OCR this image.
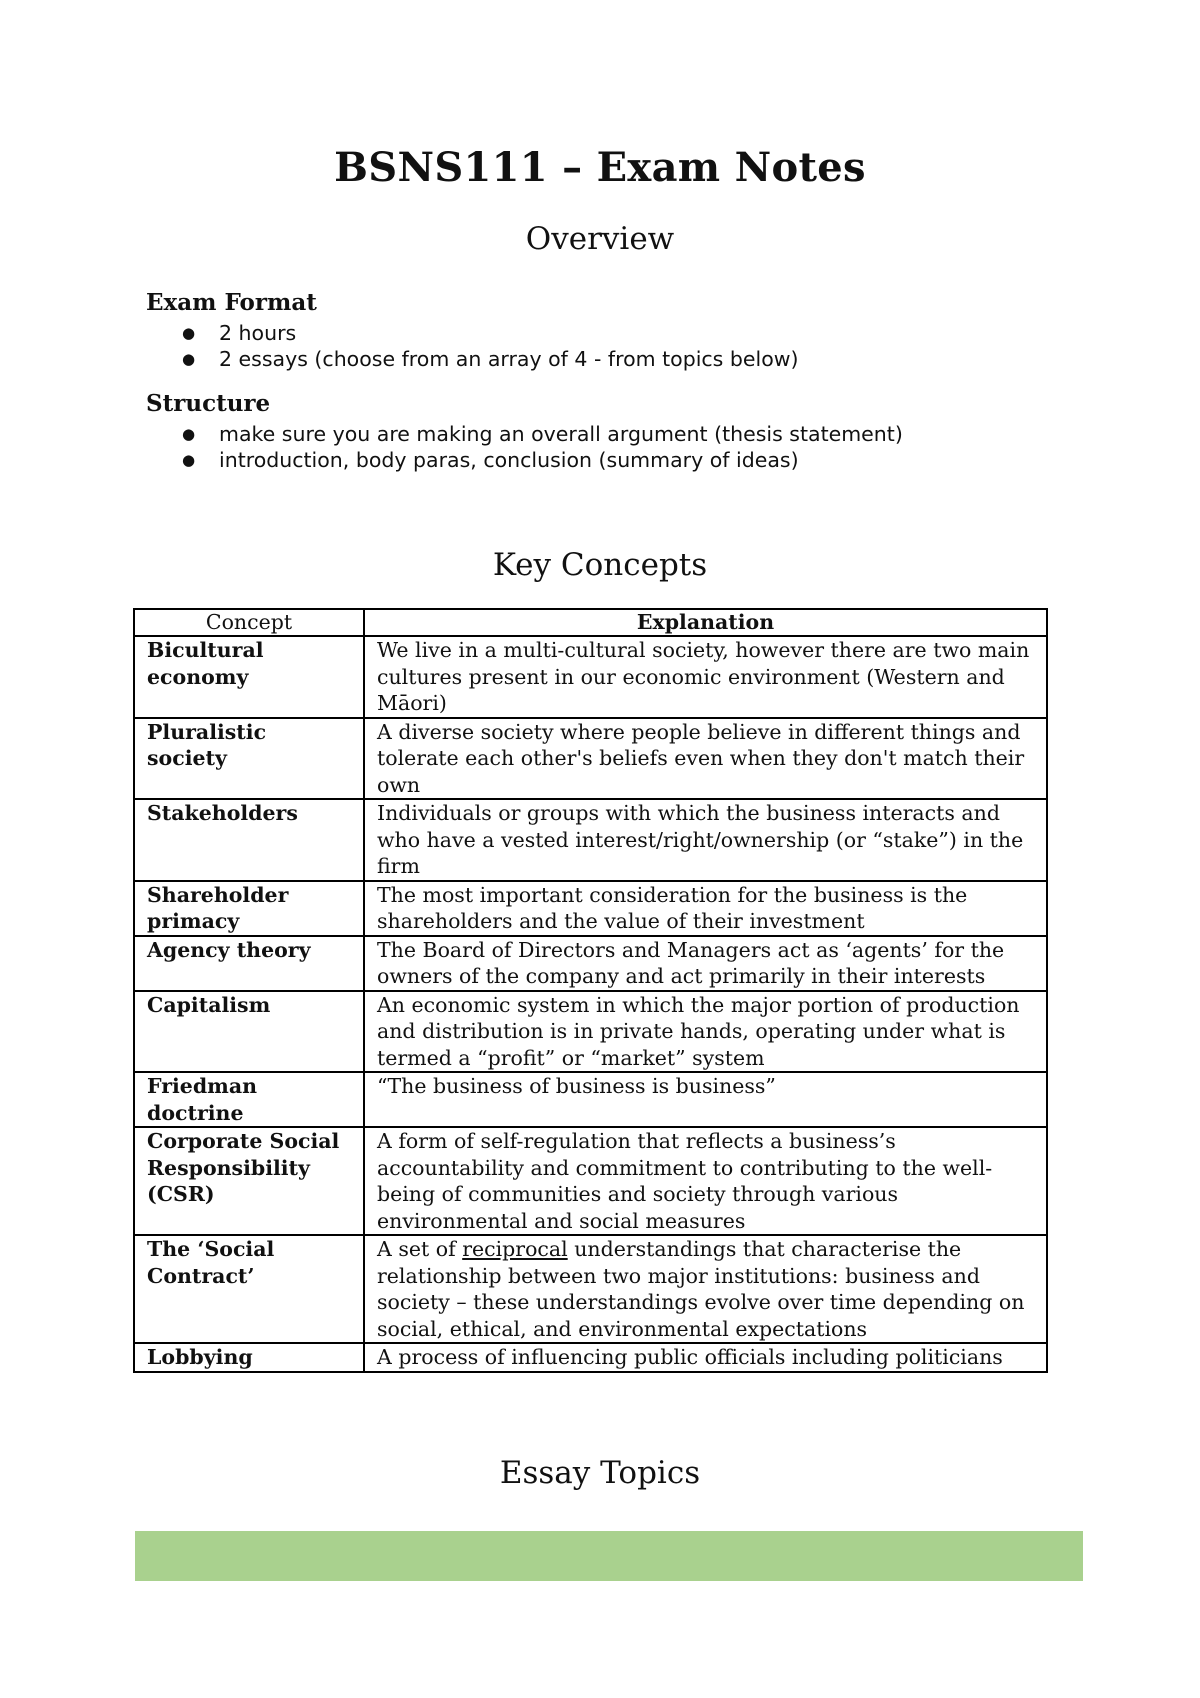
BSNS111 – Exam Notes
Overview
Exam Format
● 2 hours
● 2 essays (choose from an array of 4 - from topics below)
Structure
● make sure you are making an overall argument (thesis statement)
● introduction, body paras, conclusion (summary of ideas)
Key Concepts
Concept	Explanation
Bicultural economy	We live in a multi-cultural society, however there are two main cultures present in our economic environment (Western and Māori)
Pluralistic society	A diverse society where people believe in different things and tolerate each other's beliefs even when they don't match their own
Stakeholders	Individuals or groups with which the business interacts and who have a vested interest/right/ownership (or “stake”) in the firm
Shareholder primacy	The most important consideration for the business is the shareholders and the value of their investment
Agency theory	The Board of Directors and Managers act as ‘agents’ for the owners of the company and act primarily in their interests
Capitalism	An economic system in which the major portion of production and distribution is in private hands, operating under what is termed a “profit” or “market” system
Friedman doctrine	“The business of business is business”
Corporate Social Responsibility (CSR)	A form of self-regulation that reflects a business’s accountability and commitment to contributing to the well-being of communities and society through various environmental and social measures
The ‘Social Contract’	A set of reciprocal understandings that characterise the relationship between two major institutions: business and society – these understandings evolve over time depending on social, ethical, and environmental expectations
Lobbying	A process of influencing public officials including politicians
Essay Topics
